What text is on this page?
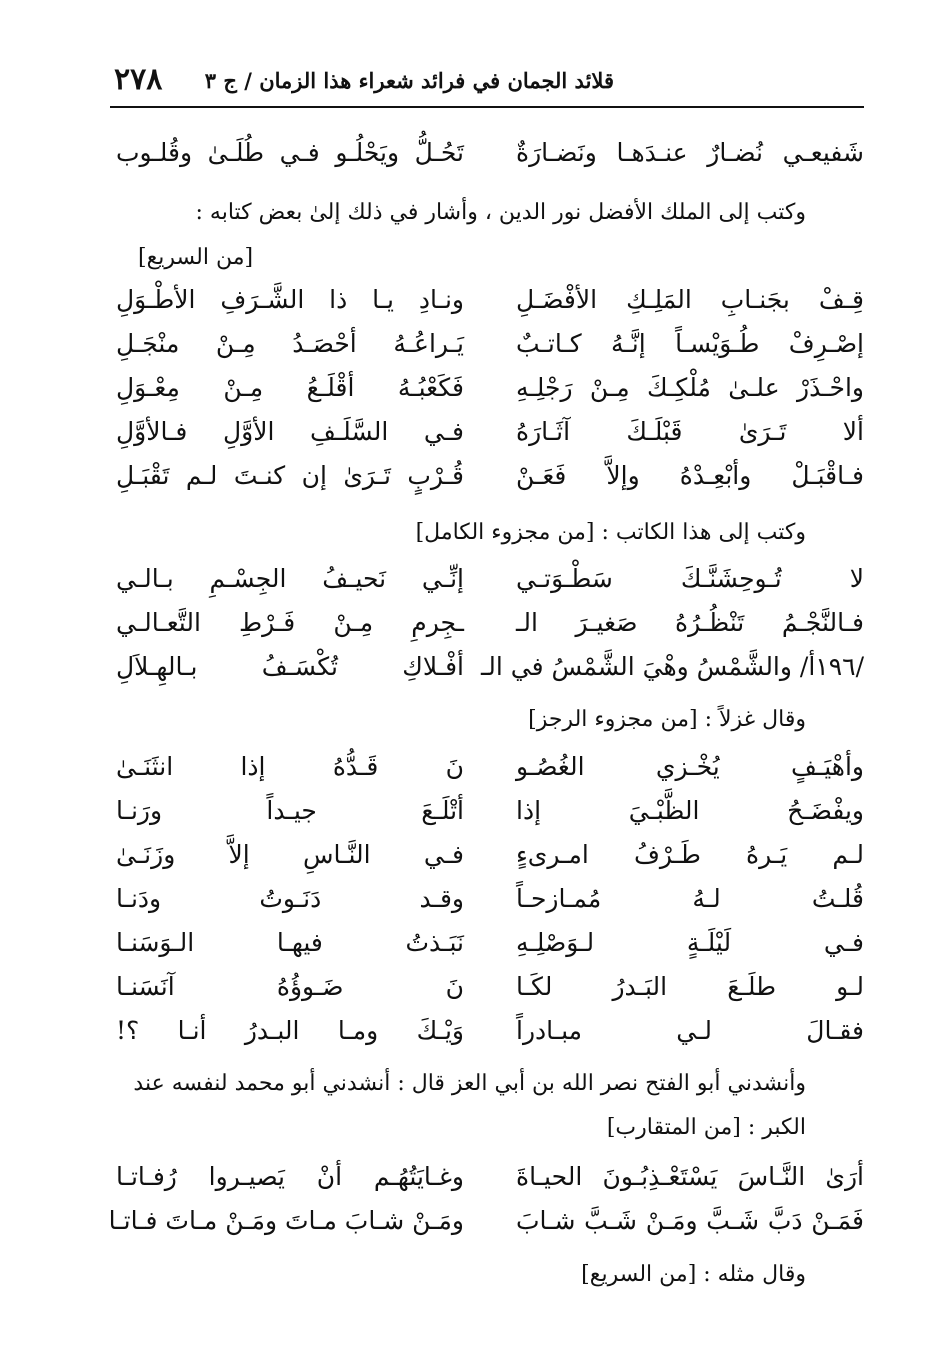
٢٧٨ قلائد الجمان في فرائد شعراء هذا الزمان / ج ٣
شَفيعـي نُضـارٌ عنـدَهـا ونَضـارَةٌ
تَحُـلُّ ويَحْلُـو فـي طُلَـىٰ وقُلـوب
وكتب إلى الملك الأفضل نور الدين ، وأشار في ذلك إلىٰ بعض كتابه :
[من السريع]
قِـفْ بجَنـابِ المَلِـكِ الأفْضَـلِ
ونـادِ يـا ذا الشَّـرَفِ الأطْـوَلِ
إصْـرِفْ طُـوَيْسـاً إنَّـهُ كـاتـبٌ
يَـراعُـهُ أحْصَـدُ مِـنْ منْجَـلِ
واحْـذَرْ علـىٰ مُلْكِـكَ مِـنْ رَجْلِـهِ
فَكَعْبُـهُ أقْلَـعُ مِـنْ مِعْـوَلِ
ألا تَـرَىٰ قَبْلَـكَ آثَـارَهُ
فـي السَّلَـفِ الأوَّلِ فـالأوَّلِ
فـاقْبَـلْ وأبْعِـدْهُ وإلاَّ فَعَـنْ
قُـرْبٍ تَـرَىٰ إن كنـتَ لـم تَقْبَـلِ
وكتب إلى هذا الكاتب : [من مجزوء الكامل]
لا تُـوحِشَنَّـكَ سَطْـوَتـي
إنِّـي نَحيـفُ الجِسْـمِ بـالـي
فـالنَّجْـمُ تَنْظُـرُهُ صَغيـرَ الـ
ـجِرمِ مِـنْ فَـرْطِ التَّعـالـي
/١٩٦أ/ والشَّمْسُ وهْيَ الشَّمْسُ في الـ
أفْـلاكِ تُكْسَـفُ بـالهِـلاَلِ
وقال غزلاً : [من مجزوء الرجز]
وأهْيَـفٍ يُخْـزي الغُصُـو
نَ قَـدُّهُ إذا انثَنَـىٰ
ويفْضَـحُ الظَّبْـيَ إذا
أتْلَـعَ جيـداً ورَنـا
لـم يَـرهُ طَـرْفُ امـرىءٍ
فـي النَّـاسِ إلاَّ وزَنَـىٰ
قُلـتُ لـهُ مُمـازحـاً
وقـد دَنَـوتُ ودَنـا
فـي لَيْلَـةٍ لـوَصْلِـهِ
نَبَـذتُ فيهـا الـوَسَنـا
لـو طلَـعَ البَـدرُ لكَـا
نَ ضَـوؤُهُ آنَسَنـا
فقـالَ لـي مبـادراً
وَيْـكَ ومـا البـدرُ أنـا ؟!
وأنشدني أبو الفتح نصر الله بن أبي العز قال : أنشدني أبو محمد لنفسه عند الكبر : [من المتقارب]
أرَىٰ النَّـاسَ يَسْتَعْـذِبُـونَ الحيـاةَ
وغـايَتُهُـم أنْ يَصيـروا رُفـاتـا
فَمَـنْ دَبَّ شَـبَّ ومَـنْ شَـبَّ شـابَ
ومَـنْ شـابَ مـاتَ ومَـنْ مـاتَ فـاتـا
وقال مثله : [من السريع]
